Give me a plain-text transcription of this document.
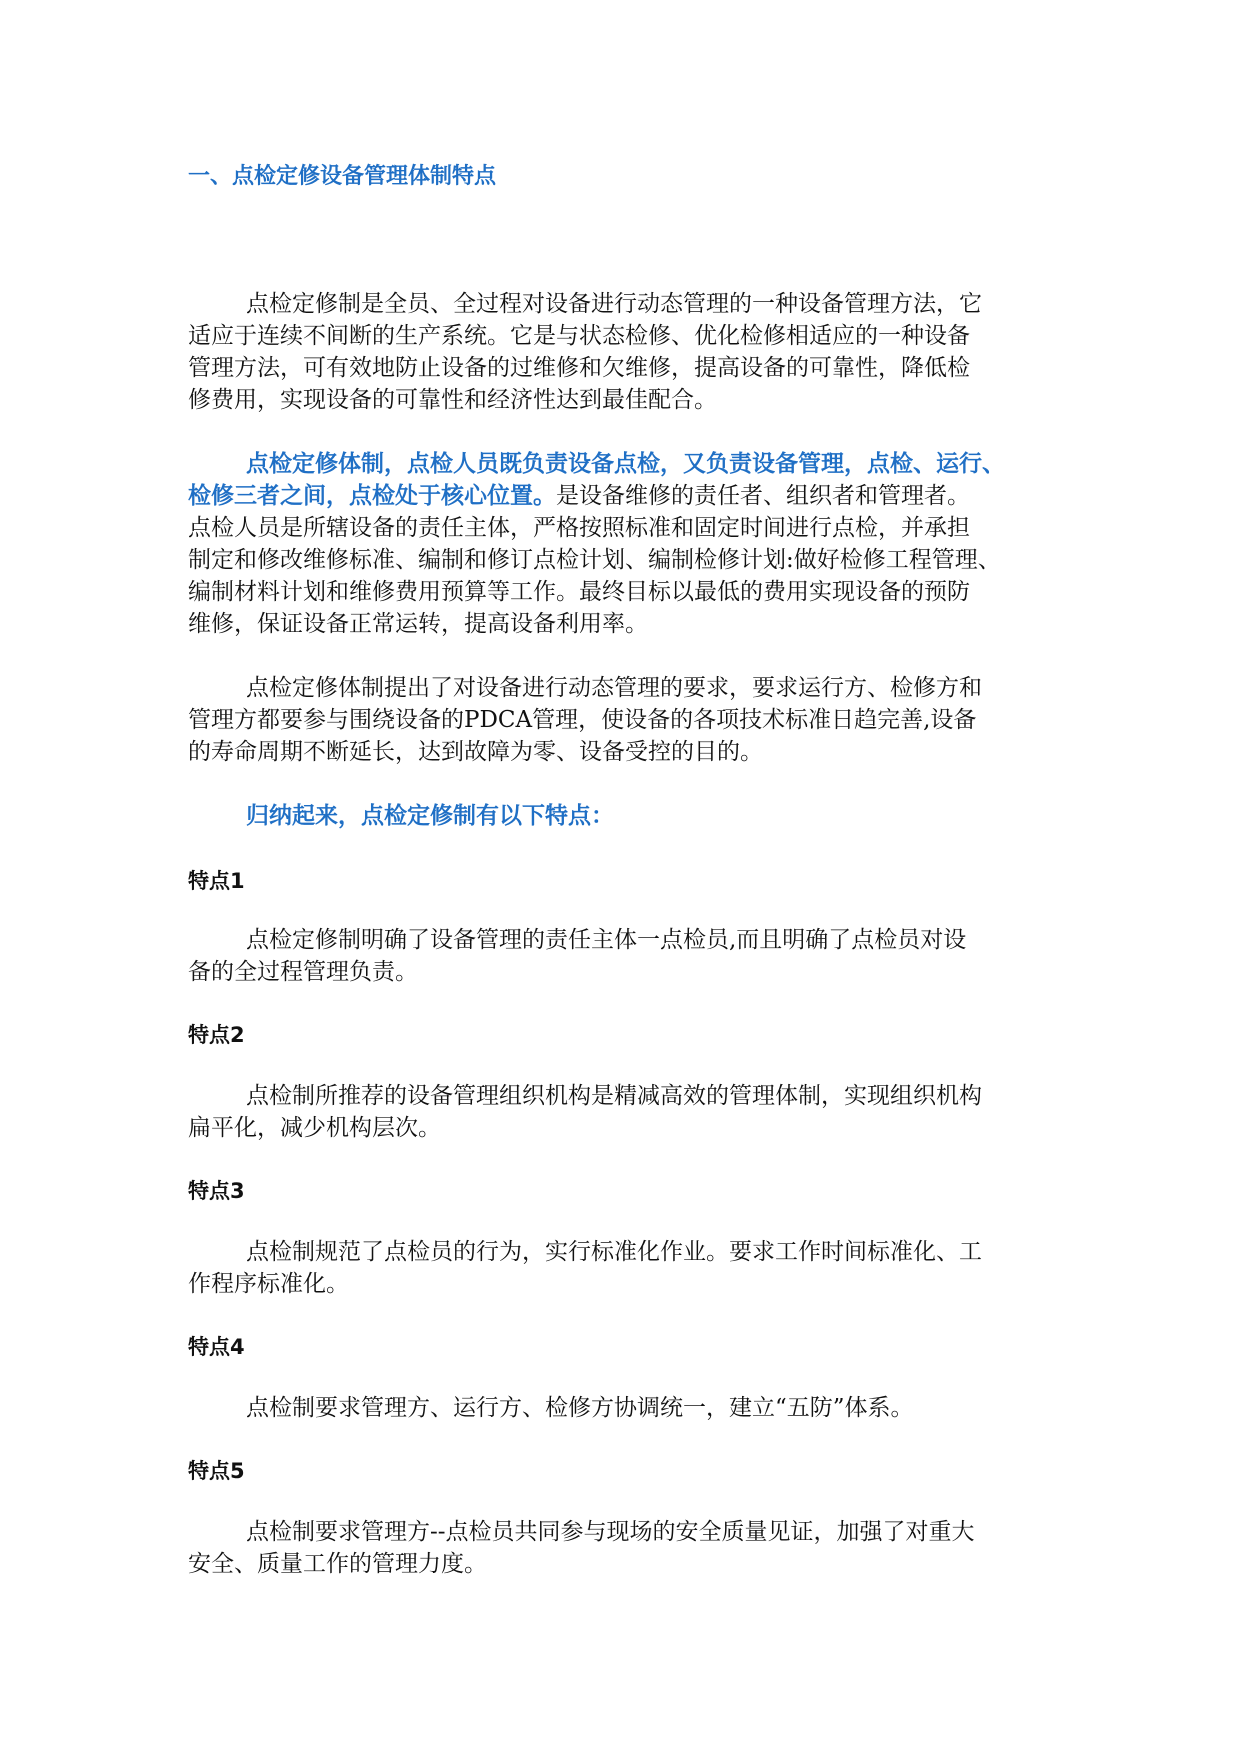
一、点检定修设备管理体制特点
点检定修制是全员、全过程对设备进行动态管理的一种设备管理方法，它
适应于连续不间断的生产系统。它是与状态检修、优化检修相适应的一种设备
管理方法，可有效地防止设备的过维修和欠维修，提高设备的可靠性，降低检
修费用，实现设备的可靠性和经济性达到最佳配合。
点检定修体制，点检人员既负责设备点检，又负责设备管理，点检、运行、
检修三者之间，点检处于核心位置。是设备维修的责任者、组织者和管理者。
点检人员是所辖设备的责任主体，严格按照标准和固定时间进行点检，并承担
制定和修改维修标准、编制和修订点检计划、编制检修计划:做好检修工程管理、
编制材料计划和维修费用预算等工作。最终目标以最低的费用实现设备的预防
维修，保证设备正常运转，提高设备利用率。
点检定修体制提出了对设备进行动态管理的要求，要求运行方、检修方和
管理方都要参与围绕设备的PDCA管理，使设备的各项技术标准日趋完善,设备
的寿命周期不断延长，达到故障为零、设备受控的目的。
归纳起来，点检定修制有以下特点：
特点1
点检定修制明确了设备管理的责任主体一点检员,而且明确了点检员对设
备的全过程管理负责。
特点2
点检制所推荐的设备管理组织机构是精减高效的管理体制，实现组织机构
扁平化，减少机构层次。
特点3
点检制规范了点检员的行为，实行标准化作业。要求工作时间标准化、工
作程序标准化。
特点4
点检制要求管理方、运行方、检修方协调统一，建立“五防”体系。
特点5
点检制要求管理方--点检员共同参与现场的安全质量见证，加强了对重大
安全、质量工作的管理力度。
